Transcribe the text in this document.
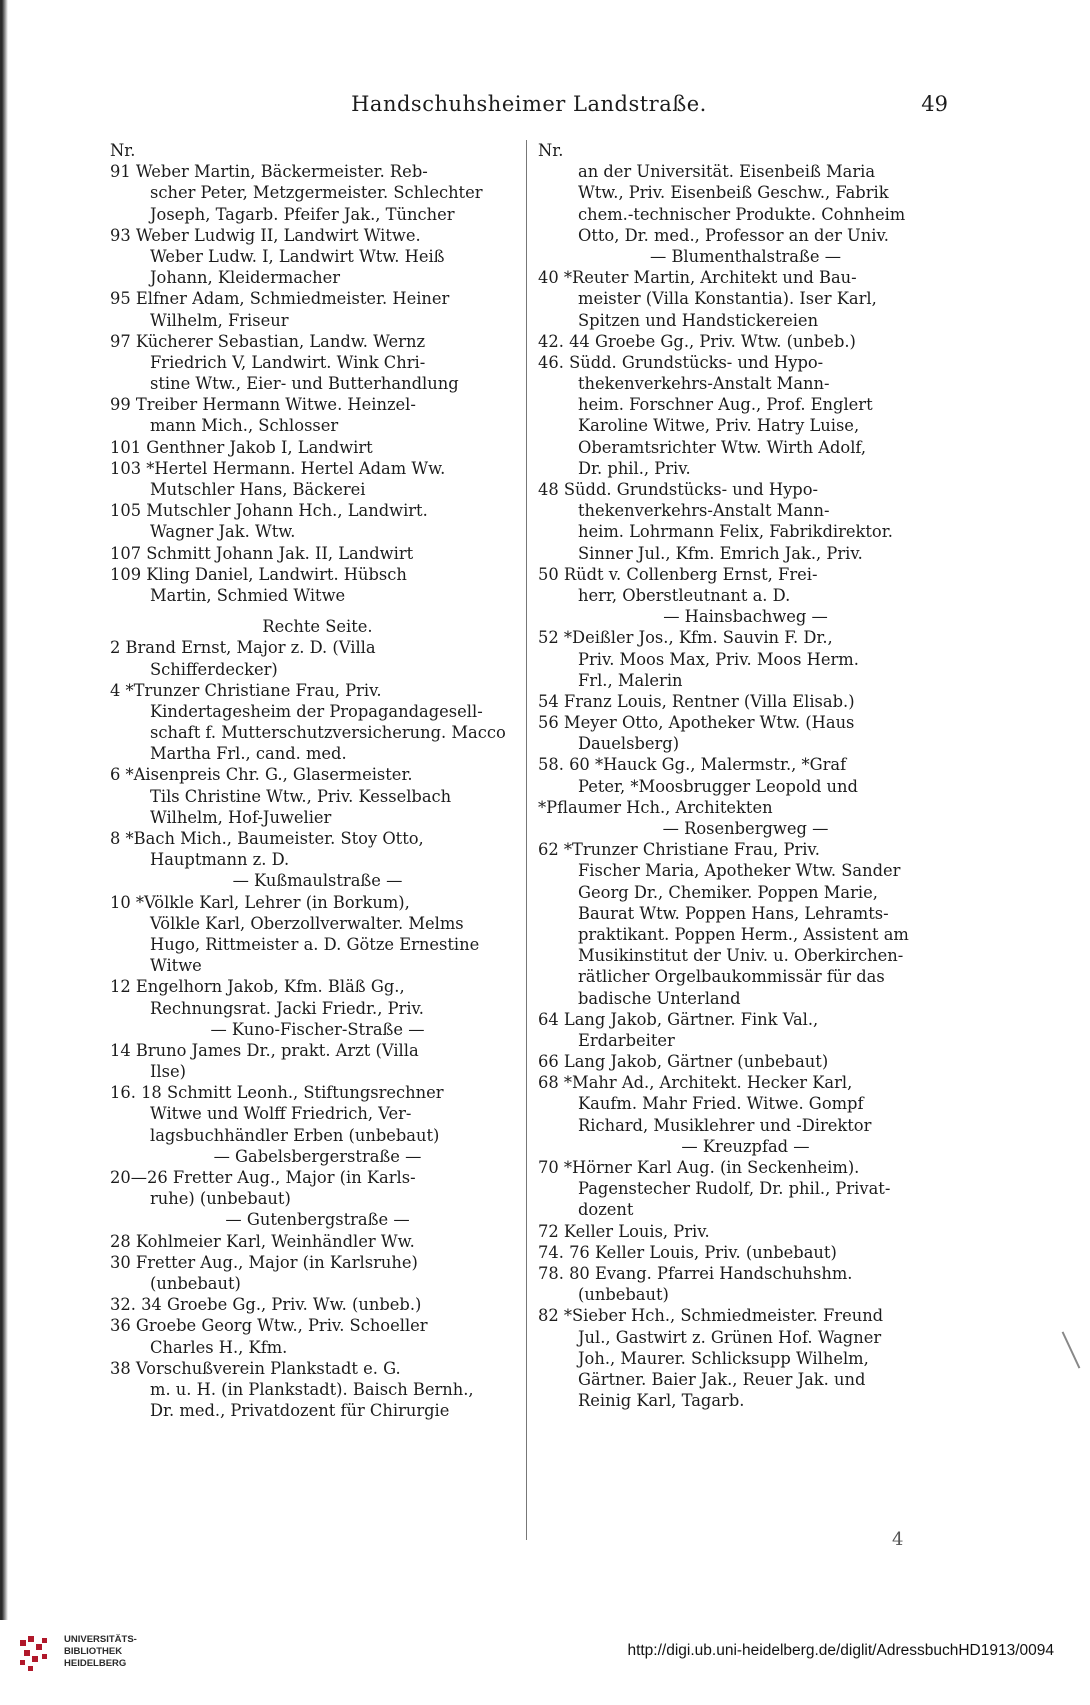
Handschuhsheimer Landstraße.	49
Nr.
91 Weber Martin, Bäckermeister. Reb-
scher Peter, Metzgermeister. Schlechter
Joseph, Tagarb. Pfeifer Jak., Tüncher
93 Weber Ludwig II, Landwirt Witwe.
Weber Ludw. I, Landwirt Wtw. Heiß
Johann, Kleidermacher
95 Elfner Adam, Schmiedmeister. Heiner
Wilhelm, Friseur
97 Kücherer Sebastian, Landw. Wernz
Friedrich V, Landwirt. Wink Chri-
stine Wtw., Eier- und Butterhandlung
99 Treiber Hermann Witwe. Heinzel-
mann Mich., Schlosser
101 Genthner Jakob I, Landwirt
103 *Hertel Hermann. Hertel Adam Ww.
Mutschler Hans, Bäckerei
105 Mutschler Johann Hch., Landwirt.
Wagner Jak. Wtw.
107 Schmitt Johann Jak. II, Landwirt
109 Kling Daniel, Landwirt. Hübsch
Martin, Schmied Witwe
Rechte Seite.
2 Brand Ernst, Major z. D. (Villa
Schifferdecker)
4 *Trunzer Christiane Frau, Priv.
Kindertagesheim der Propagandagesell-
schaft f. Mutterschutzversicherung. Macco
Martha Frl., cand. med.
6 *Aisenpreis Chr. G., Glasermeister.
Tils Christine Wtw., Priv. Kesselbach
Wilhelm, Hof-Juwelier
8 *Bach Mich., Baumeister. Stoy Otto,
Hauptmann z. D.
— Kußmaulstraße —
10 *Völkle Karl, Lehrer (in Borkum),
Völkle Karl, Oberzollverwalter. Melms
Hugo, Rittmeister a. D. Götze Ernestine
Witwe
12 Engelhorn Jakob, Kfm. Bläß Gg.,
Rechnungsrat. Jacki Friedr., Priv.
— Kuno-Fischer-Straße —
14 Bruno James Dr., prakt. Arzt (Villa
Ilse)
16. 18 Schmitt Leonh., Stiftungsrechner
Witwe und Wolff Friedrich, Ver-
lagsbuchhändler Erben (unbebaut)
— Gabelsbergerstraße —
20—26 Fretter Aug., Major (in Karls-
ruhe) (unbebaut)
— Gutenbergstraße —
28 Kohlmeier Karl, Weinhändler Ww.
30 Fretter Aug., Major (in Karlsruhe)
(unbebaut)
32. 34 Groebe Gg., Priv. Ww. (unbeb.)
36 Groebe Georg Wtw., Priv. Schoeller
Charles H., Kfm.
38 Vorschußverein Plankstadt e. G.
m. u. H. (in Plankstadt). Baisch Bernh.,
Dr. med., Privatdozent für Chirurgie
Nr.
an der Universität. Eisenbeiß Maria
Wtw., Priv. Eisenbeiß Geschw., Fabrik
chem.-technischer Produkte. Cohnheim
Otto, Dr. med., Professor an der Univ.
— Blumenthalstraße —
40 *Reuter Martin, Architekt und Bau-
meister (Villa Konstantia). Iser Karl,
Spitzen und Handstickereien
42. 44 Groebe Gg., Priv. Wtw. (unbeb.)
46. Südd. Grundstücks- und Hypo-
thekenverkehrs-Anstalt Mann-
heim. Forschner Aug., Prof. Englert
Karoline Witwe, Priv. Hatry Luise,
Oberamtsrichter Wtw. Wirth Adolf,
Dr. phil., Priv.
48 Südd. Grundstücks- und Hypo-
thekenverkehrs-Anstalt Mann-
heim. Lohrmann Felix, Fabrikdirektor.
Sinner Jul., Kfm. Emrich Jak., Priv.
50 Rüdt v. Collenberg Ernst, Frei-
herr, Oberstleutnant a. D.
— Hainsbachweg —
52 *Deißler Jos., Kfm. Sauvin F. Dr.,
Priv. Moos Max, Priv. Moos Herm.
Frl., Malerin
54 Franz Louis, Rentner (Villa Elisab.)
56 Meyer Otto, Apotheker Wtw. (Haus
Dauelsberg)
58. 60 *Hauck Gg., Malermstr., *Graf
Peter, *Moosbrugger Leopold und
*Pflaumer Hch., Architekten
— Rosenbergweg —
62 *Trunzer Christiane Frau, Priv.
Fischer Maria, Apotheker Wtw. Sander
Georg Dr., Chemiker. Poppen Marie,
Baurat Wtw. Poppen Hans, Lehramts-
praktikant. Poppen Herm., Assistent am
Musikinstitut der Univ. u. Oberkirchen-
rätlicher Orgelbaukommissär für das
badische Unterland
64 Lang Jakob, Gärtner. Fink Val.,
Erdarbeiter
66 Lang Jakob, Gärtner (unbebaut)
68 *Mahr Ad., Architekt. Hecker Karl,
Kaufm. Mahr Fried. Witwe. Gompf
Richard, Musiklehrer und -Direktor
— Kreuzpfad —
70 *Hörner Karl Aug. (in Seckenheim).
Pagenstecher Rudolf, Dr. phil., Privat-
dozent
72 Keller Louis, Priv.
74. 76 Keller Louis, Priv. (unbebaut)
78. 80 Evang. Pfarrei Handschuhshm.
(unbebaut)
82 *Sieber Hch., Schmiedmeister. Freund
Jul., Gastwirt z. Grünen Hof. Wagner
Joh., Maurer. Schlicksupp Wilhelm,
Gärtner. Baier Jak., Reuer Jak. und
Reinig Karl, Tagarb.
4
UNIVERSITÄTS-
BIBLIOTHEK
HEIDELBERG
http://digi.ub.uni-heidelberg.de/diglit/AdressbuchHD1913/0094
